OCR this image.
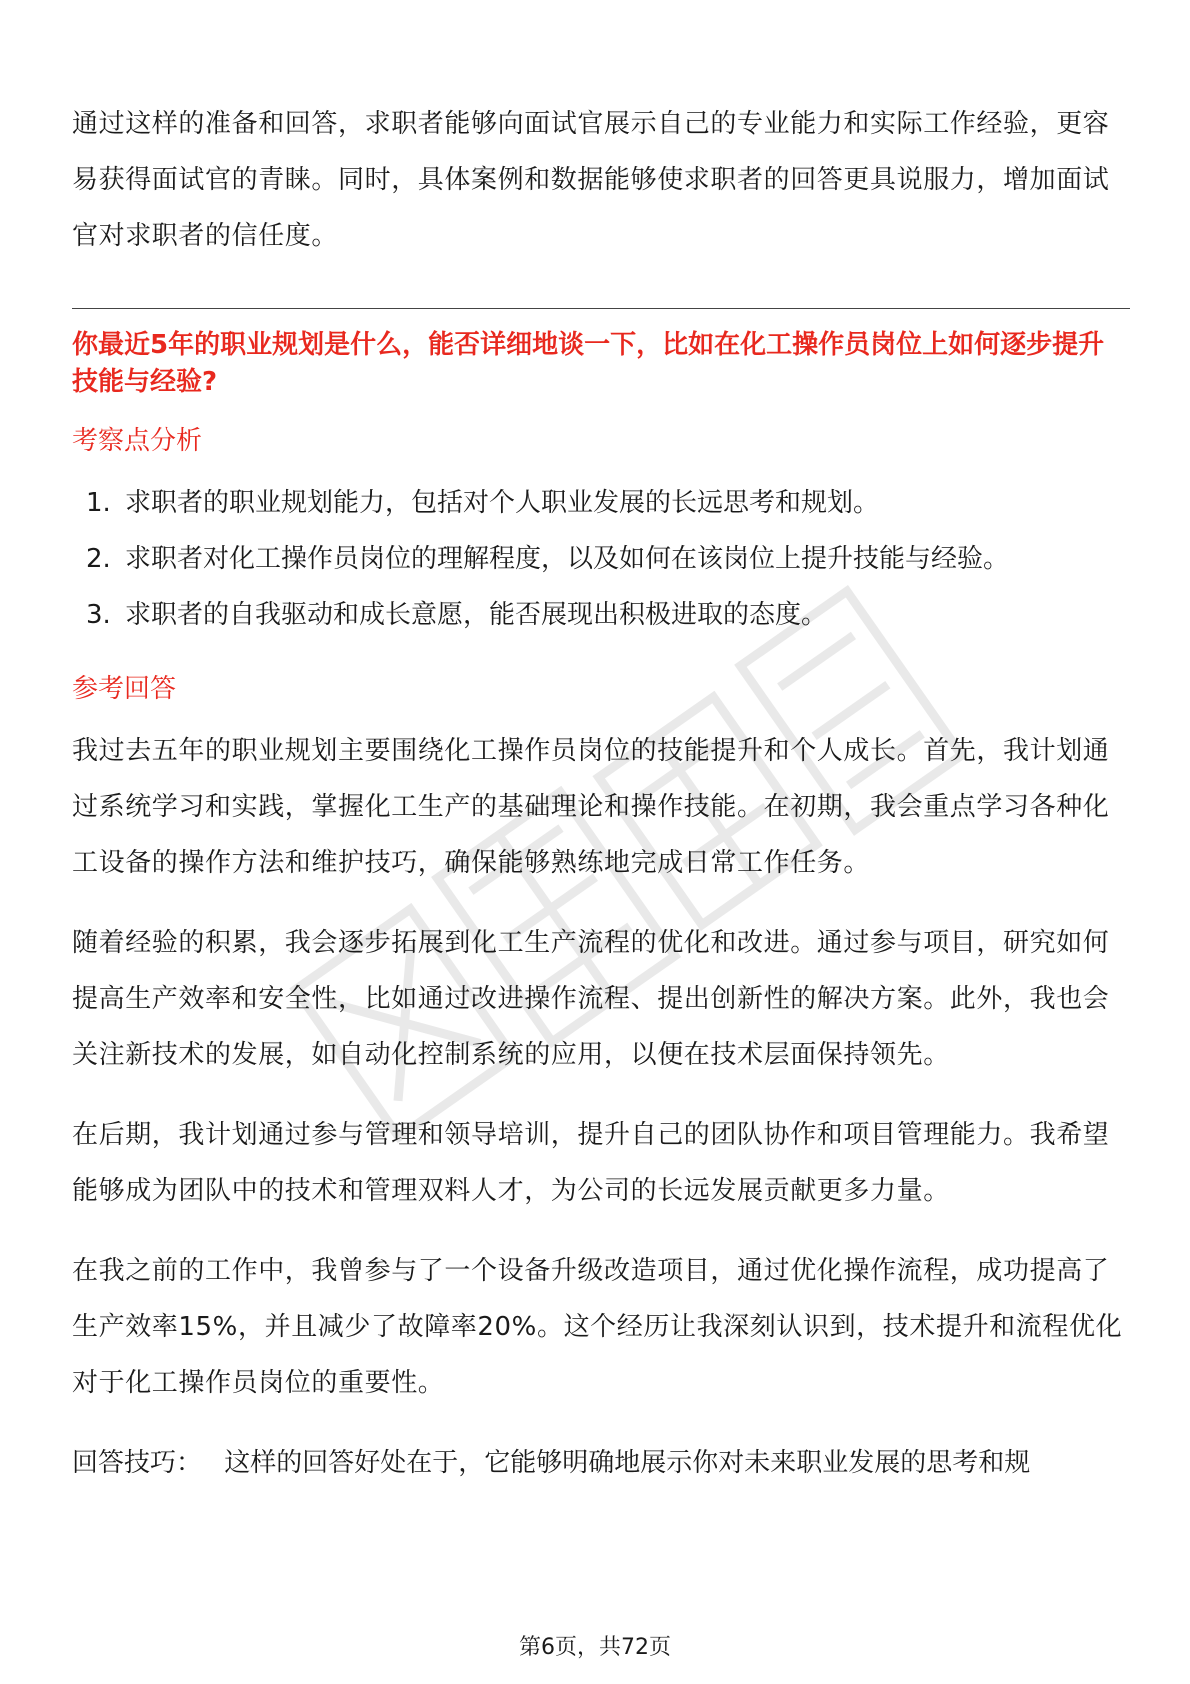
通过这样的准备和回答，求职者能够向面试官展示自己的专业能力和实际工作经验，更容易获得面试官的青睐。同时，具体案例和数据能够使求职者的回答更具说服力，增加面试官对求职者的信任度。

你最近5年的职业规划是什么，能否详细地谈一下，比如在化工操作员岗位上如何逐步提升技能与经验?

考察点分析
1. 求职者的职业规划能力，包括对个人职业发展的长远思考和规划。
2. 求职者对化工操作员岗位的理解程度，以及如何在该岗位上提升技能与经验。
3. 求职者的自我驱动和成长意愿，能否展现出积极进取的态度。
参考回答

我过去五年的职业规划主要围绕化工操作员岗位的技能提升和个人成长。首先，我计划通过系统学习和实践，掌握化工生产的基础理论和操作技能。在初期，我会重点学习各种化工设备的操作方法和维护技巧，确保能够熟练地完成日常工作任务。

随着经验的积累，我会逐步拓展到化工生产流程的优化和改进。通过参与项目，研究如何提高生产效率和安全性，比如通过改进操作流程、提出创新性的解决方案。此外，我也会关注新技术的发展，如自动化控制系统的应用，以便在技术层面保持领先。

在后期，我计划通过参与管理和领导培训，提升自己的团队协作和项目管理能力。我希望能够成为团队中的技术和管理双料人才，为公司的长远发展贡献更多力量。

在我之前的工作中，我曾参与了一个设备升级改造项目，通过优化操作流程，成功提高了生产效率15%，并且减少了故障率20%。这个经历让我深刻认识到，技术提升和流程优化对于化工操作员岗位的重要性。

回答技巧： 这样的回答好处在于，它能够明确地展示你对未来职业发展的思考和规
第6页，共72页
